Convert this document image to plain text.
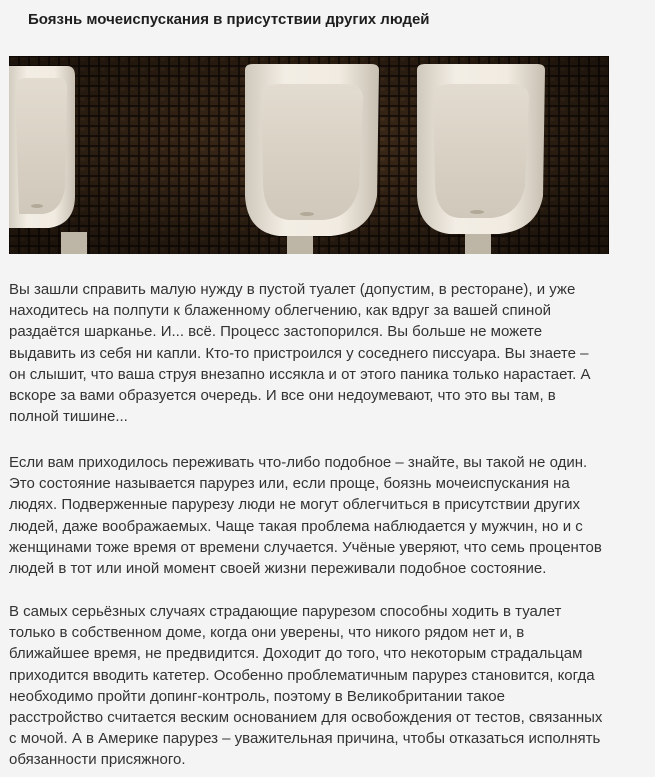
Боязнь мочеиспускания в присутствии других людей
Вы зашли справить малую нужду в пустой туалет (допустим, в ресторане), и уже
находитесь на полпути к блаженному облегчению, как вдруг за вашей спиной
раздаётся шарканье. И... всё. Процесс застопорился. Вы больше не можете
выдавить из себя ни капли. Кто-то пристроился у соседнего писсуара. Вы знаете –
он слышит, что ваша струя внезапно иссякла и от этого паника только нарастает. А
вскоре за вами образуется очередь. И все они недоумевают, что это вы там, в
полной тишине...
Если вам приходилось переживать что-либо подобное – знайте, вы такой не один.
Это состояние называется парурез или, если проще, боязнь мочеиспускания на
людях. Подверженные парурезу люди не могут облегчиться в присутствии других
людей, даже воображаемых. Чаще такая проблема наблюдается у мужчин, но и с
женщинами тоже время от времени случается. Учёные уверяют, что семь процентов
людей в тот или иной момент своей жизни переживали подобное состояние.
В самых серьёзных случаях страдающие парурезом способны ходить в туалет
только в собственном доме, когда они уверены, что никого рядом нет и, в
ближайшее время, не предвидится. Доходит до того, что некоторым страдальцам
приходится вводить катетер. Особенно проблематичным парурез становится, когда
необходимо пройти допинг-контроль, поэтому в Великобритании такое
расстройство считается веским основанием для освобождения от тестов, связанных
с мочой. А в Америке парурез – уважительная причина, чтобы отказаться исполнять
обязанности присяжного.
